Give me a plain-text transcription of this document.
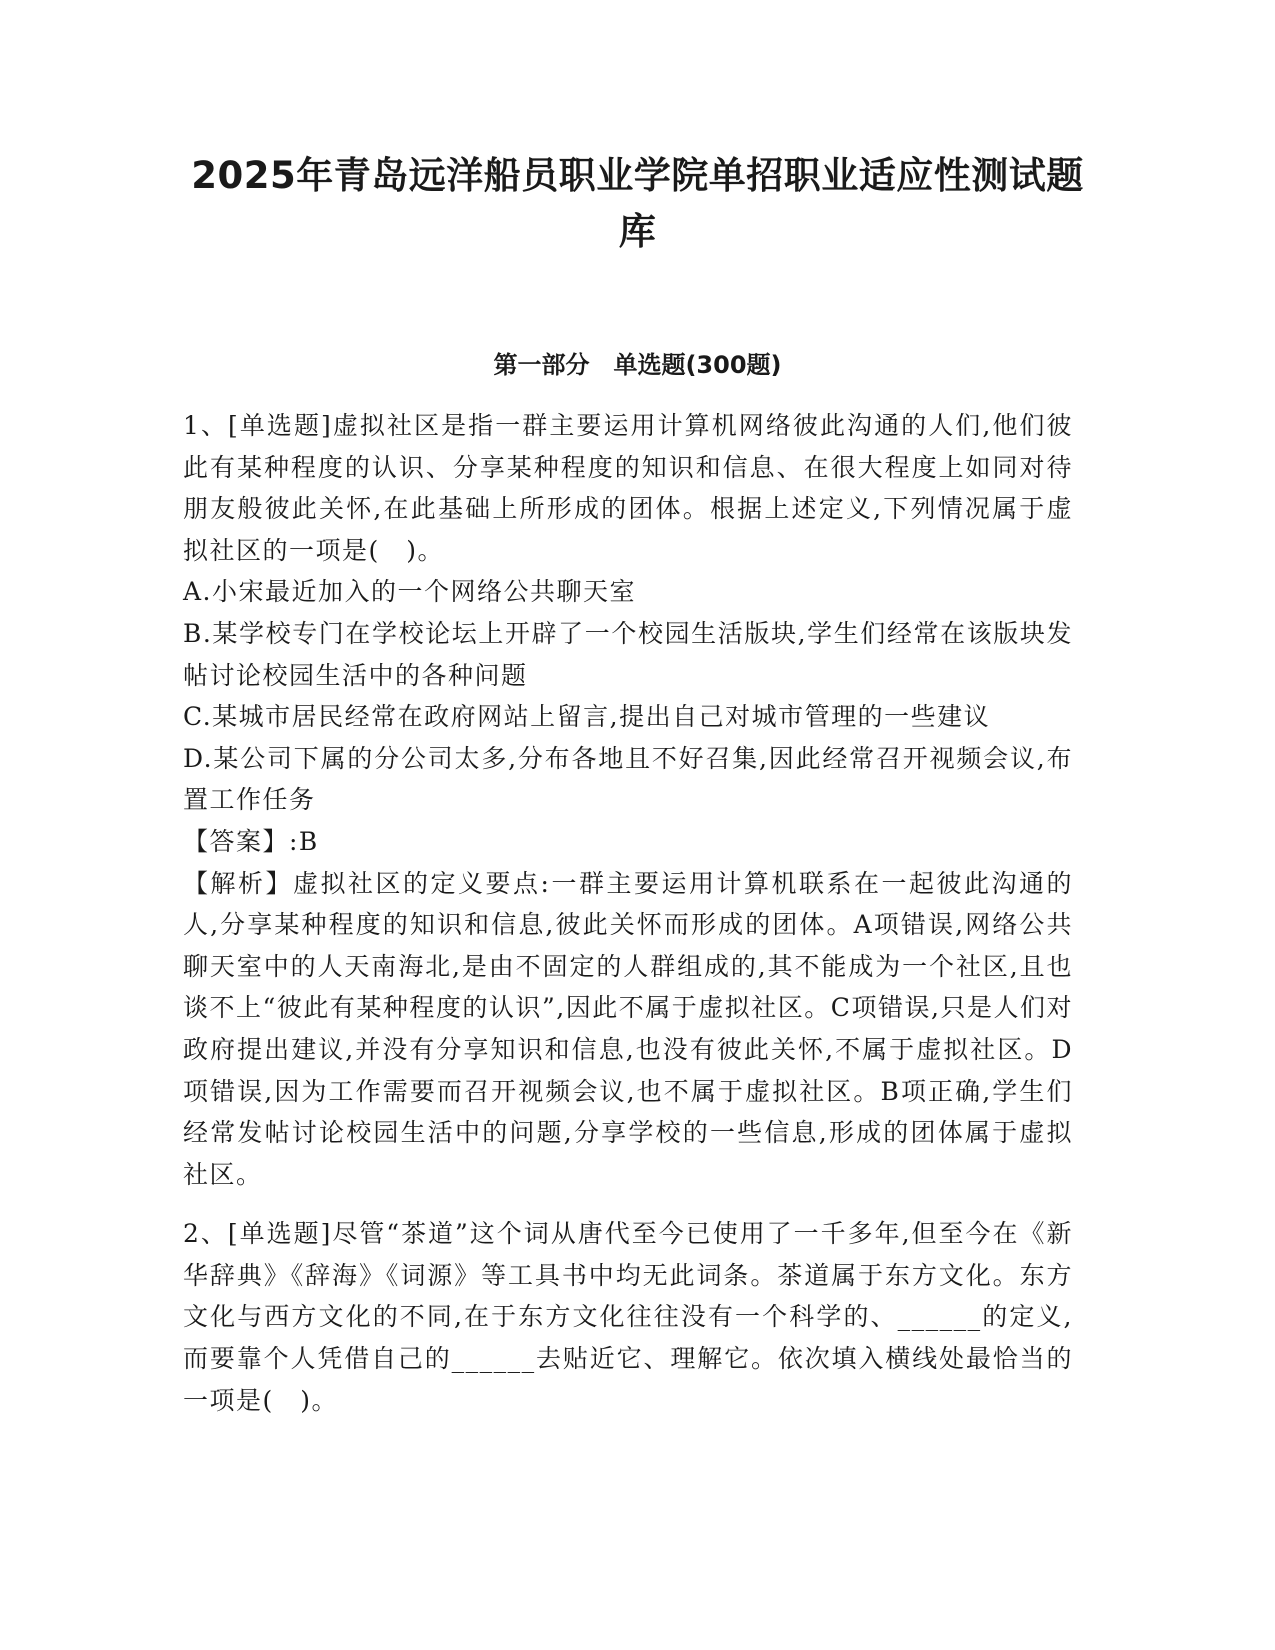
2025年青岛远洋船员职业学院单招职业适应性测试题库
第一部分 单选题(300题)

1、[单选题]虚拟社区是指一群主要运用计算机网络彼此沟通的人们,他们彼此有某种程度的认识、分享某种程度的知识和信息、在很大程度上如同对待朋友般彼此关怀,在此基础上所形成的团体。根据上述定义,下列情况属于虚拟社区的一项是(　)。

A.小宋最近加入的一个网络公共聊天室

B.某学校专门在学校论坛上开辟了一个校园生活版块,学生们经常在该版块发帖讨论校园生活中的各种问题

C.某城市居民经常在政府网站上留言,提出自己对城市管理的一些建议

D.某公司下属的分公司太多,分布各地且不好召集,因此经常召开视频会议,布置工作任务

【答案】:B

【解析】虚拟社区的定义要点:一群主要运用计算机联系在一起彼此沟通的人,分享某种程度的知识和信息,彼此关怀而形成的团体。A项错误,网络公共聊天室中的人天南海北,是由不固定的人群组成的,其不能成为一个社区,且也谈不上“彼此有某种程度的认识”,因此不属于虚拟社区。C项错误,只是人们对政府提出建议,并没有分享知识和信息,也没有彼此关怀,不属于虚拟社区。D项错误,因为工作需要而召开视频会议,也不属于虚拟社区。B项正确,学生们经常发帖讨论校园生活中的问题,分享学校的一些信息,形成的团体属于虚拟社区。

2、[单选题]尽管“茶道”这个词从唐代至今已使用了一千多年,但至今在《新华辞典》《辞海》《词源》等工具书中均无此词条。茶道属于东方文化。东方文化与西方文化的不同,在于东方文化往往没有一个科学的、______的定义,而要靠个人凭借自己的______去贴近它、理解它。依次填入横线处最恰当的一项是(　)。
